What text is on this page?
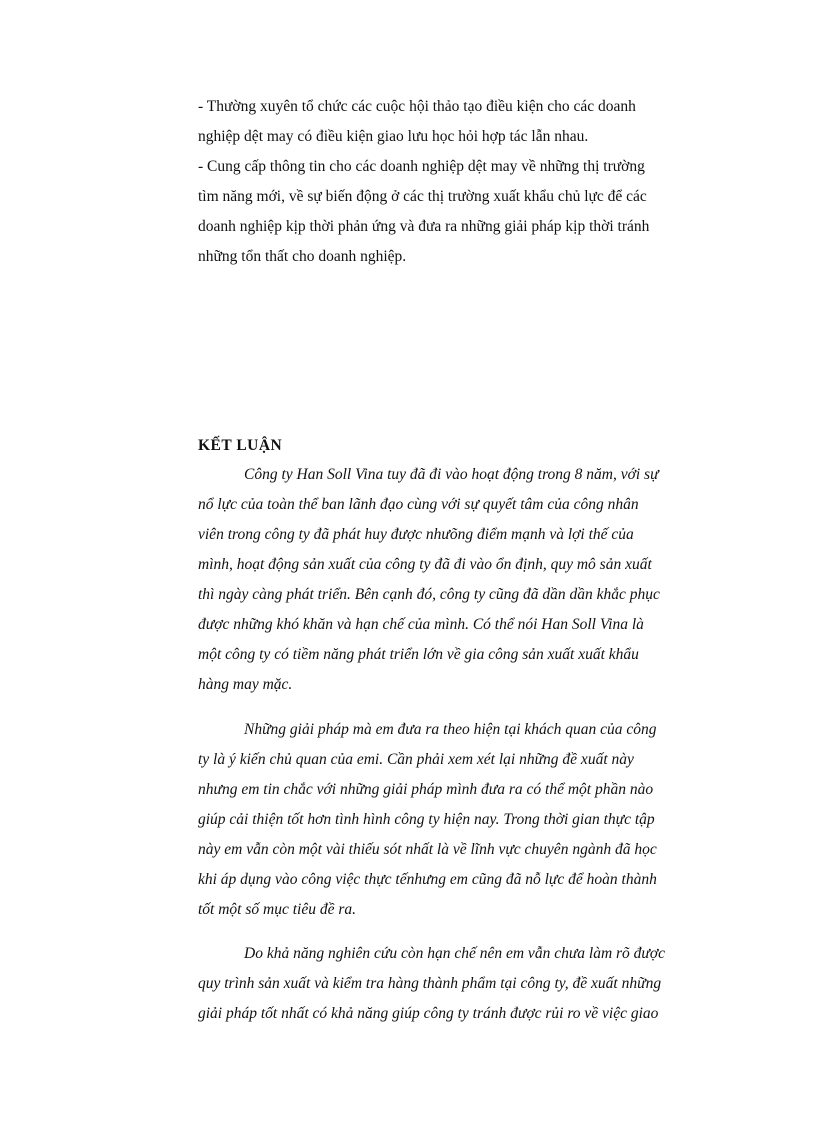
- Thường xuyên tổ chức các cuộc hội thảo tạo điều kiện cho các doanh
nghiệp dệt may có điều kiện giao lưu học hỏi hợp tác lẫn nhau.
- Cung cấp thông tin cho các doanh nghiệp dệt may về những thị trường
tìm năng mới, về sự biến động ở các thị trường xuất khẩu chủ lực để các
doanh nghiệp kịp thời phản ứng và đưa ra những giải pháp kịp thời tránh
những tổn thất cho doanh nghiệp.
KẾT LUẬN
Công ty Han Soll Vina tuy đã đi vào hoạt động trong 8 năm, với sự
nổ lực của toàn thể ban lãnh đạo cùng với sự quyết tâm của công nhân
viên trong công ty đã phát huy được nhưõng điểm mạnh và lợi thế của
mình, hoạt động sản xuất của công ty đã đi vào ổn định, quy mô sản xuất
thì ngày càng phát triển. Bên cạnh đó, công ty cũng đã dần dần khắc phục
được những khó khăn và hạn chế của mình. Có thể nói Han Soll Vina là
một công ty có tiềm năng phát triển lớn về gia công sản xuất xuất khẩu
hàng may mặc.
Những giải pháp mà em đưa ra theo hiện tại khách quan của công
ty là ý kiến chủ quan của emi. Cần phải xem xét lại những đề xuất này
nhưng em tin chắc với những giải pháp mình đưa ra có thể một phần nào
giúp cải thiện tốt hơn tình hình công ty hiện nay. Trong thời gian thực tập
này em vẫn còn một vài thiếu sót nhất là về lĩnh vực chuyên ngành đã học
khi áp dụng vào công việc thực tếnhưng em cũng đã nỗ lực để hoàn thành
tốt một số mục tiêu đề ra.
Do khả năng nghiên cứu còn hạn chế nên em vẫn chưa làm rõ được
quy trình sản xuất và kiểm tra hàng thành phẩm tại công ty, đề xuất những
giải pháp tốt nhất có khả năng giúp công ty tránh được rủi ro về việc giao
